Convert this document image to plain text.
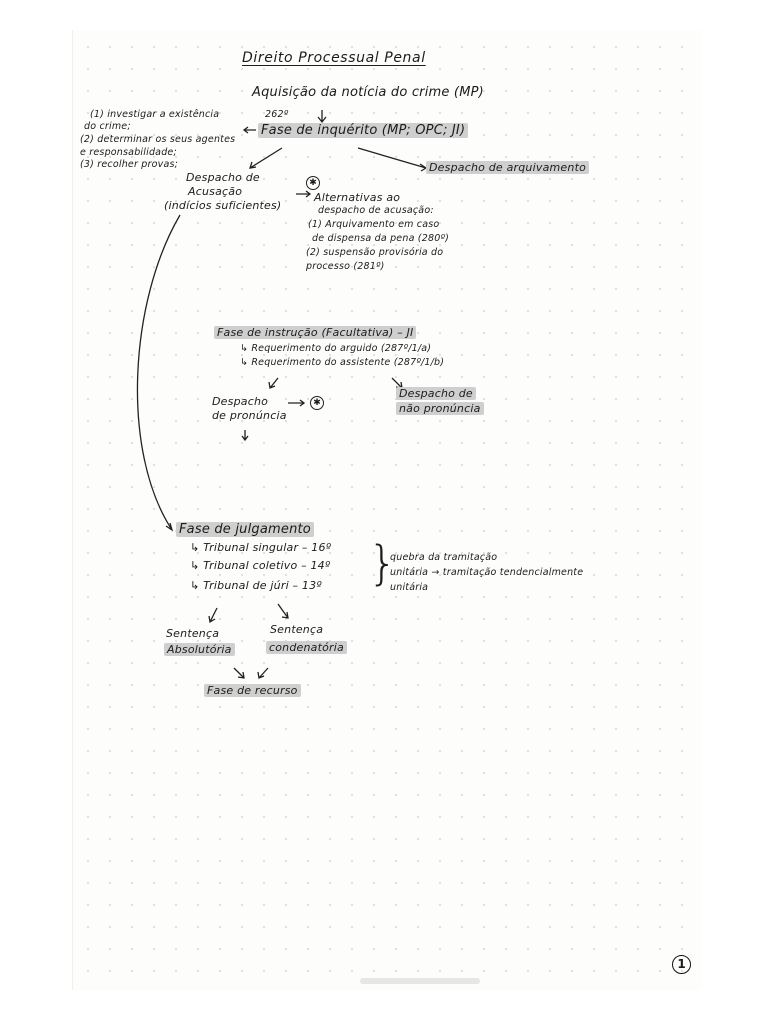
Direito Processual Penal

Aquisição da notícia do crime (MP)

262º

(1) investigar a existência

do crime;

(2) determinar os seus agentes

e responsabilidade;

(3) recolher provas;

Fase de inquérito (MP; OPC; JI)

Despacho de arquivamento

Despacho de

Acusação

(indícios suficientes)

✱

Alternativas ao

despacho de acusação:

(1) Arquivamento em caso

de dispensa da pena (280º)

(2) suspensão provisória do

processo (281º)

Fase de instrução (Facultativa) – JI

↳ Requerimento do arguido (287º/1/a)

↳ Requerimento do assistente (287º/1/b)

Despacho

de pronúncia

✱

Despacho de

não pronúncia

Fase de julgamento

↳ Tribunal singular – 16º

↳ Tribunal coletivo – 14º

↳ Tribunal de júri – 13º }

quebra da tramitação

unitária → tramitação tendencialmente

unitária

Sentença

Absolutória

Sentença

condenatória

Fase de recurso

1
